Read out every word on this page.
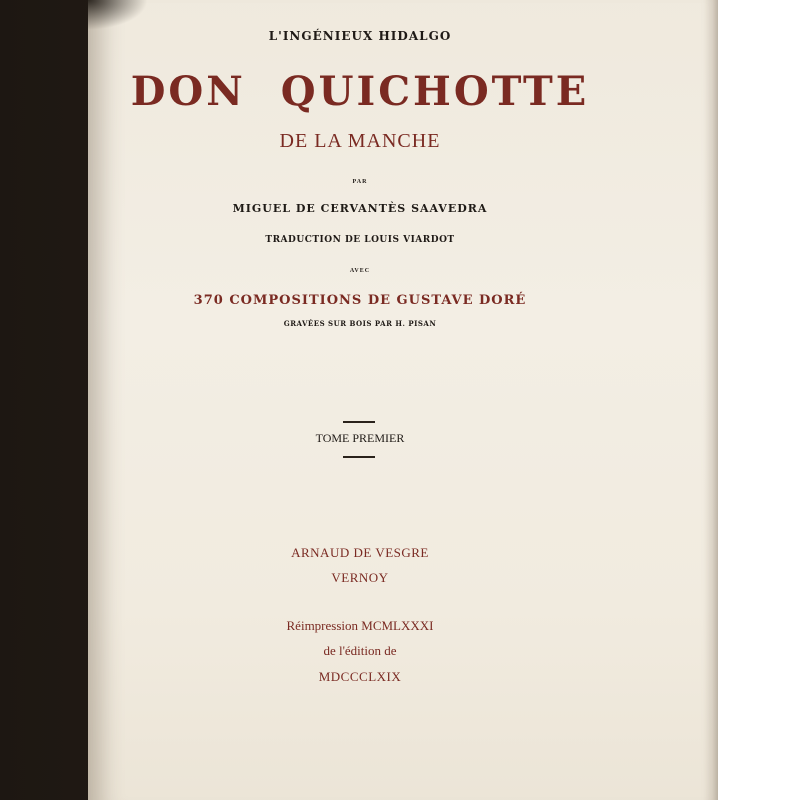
L'INGÉNIEUX HIDALGO

DON QUICHOTTE

DE LA MANCHE

PAR

MIGUEL DE CERVANTÈS SAAVEDRA

TRADUCTION DE LOUIS VIARDOT

AVEC

370 COMPOSITIONS DE GUSTAVE DORÉ

GRAVÉES SUR BOIS PAR H. PISAN

TOME PREMIER

ARNAUD DE VESGRE

VERNOY

Réimpression MCMLXXXI

de l'édition de

MDCCCLXIX
